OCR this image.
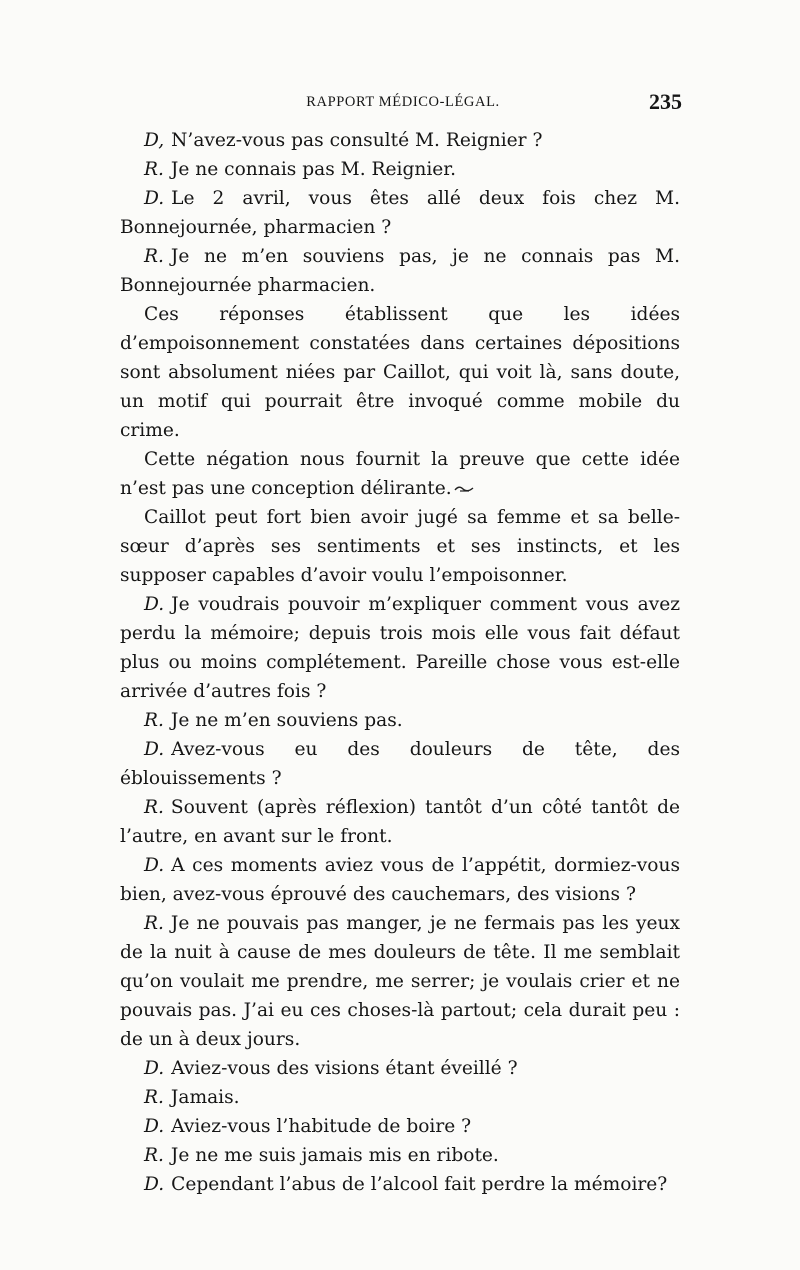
RAPPORT MÉDICO-LÉGAL.	235

D, N’avez-vous pas consulté M. Reignier ?

R. Je ne connais pas M. Reignier.

D. Le 2 avril, vous êtes allé deux fois chez M. Bonnejournée, pharmacien ?

R. Je ne m’en souviens pas, je ne connais pas M. Bonnejournée pharmacien.

Ces réponses établissent que les idées d’empoisonnement constatées dans certaines dépositions sont absolument niées par Caillot, qui voit là, sans doute, un motif qui pourrait être invoqué comme mobile du crime.

Cette négation nous fournit la preuve que cette idée n’est pas une conception délirante.

Caillot peut fort bien avoir jugé sa femme et sa belle-sœur d’après ses sentiments et ses instincts, et les supposer capables d’avoir voulu l’empoisonner.

D. Je voudrais pouvoir m’expliquer comment vous avez perdu la mémoire; depuis trois mois elle vous fait défaut plus ou moins complétement. Pareille chose vous est-elle arrivée d’autres fois ?

R. Je ne m’en souviens pas.

D. Avez-vous eu des douleurs de tête, des éblouissements ?

R. Souvent (après réflexion) tantôt d’un côté tantôt de l’autre, en avant sur le front.

D. A ces moments aviez vous de l’appétit, dormiez-vous bien, avez-vous éprouvé des cauchemars, des visions ?

R. Je ne pouvais pas manger, je ne fermais pas les yeux de la nuit à cause de mes douleurs de tête. Il me semblait qu’on voulait me prendre, me serrer; je voulais crier et ne pouvais pas. J’ai eu ces choses-là partout; cela durait peu : de un à deux jours.

D. Aviez-vous des visions étant éveillé ?

R. Jamais.

D. Aviez-vous l’habitude de boire ?

R. Je ne me suis jamais mis en ribote.

D. Cependant l’abus de l’alcool fait perdre la mémoire?
